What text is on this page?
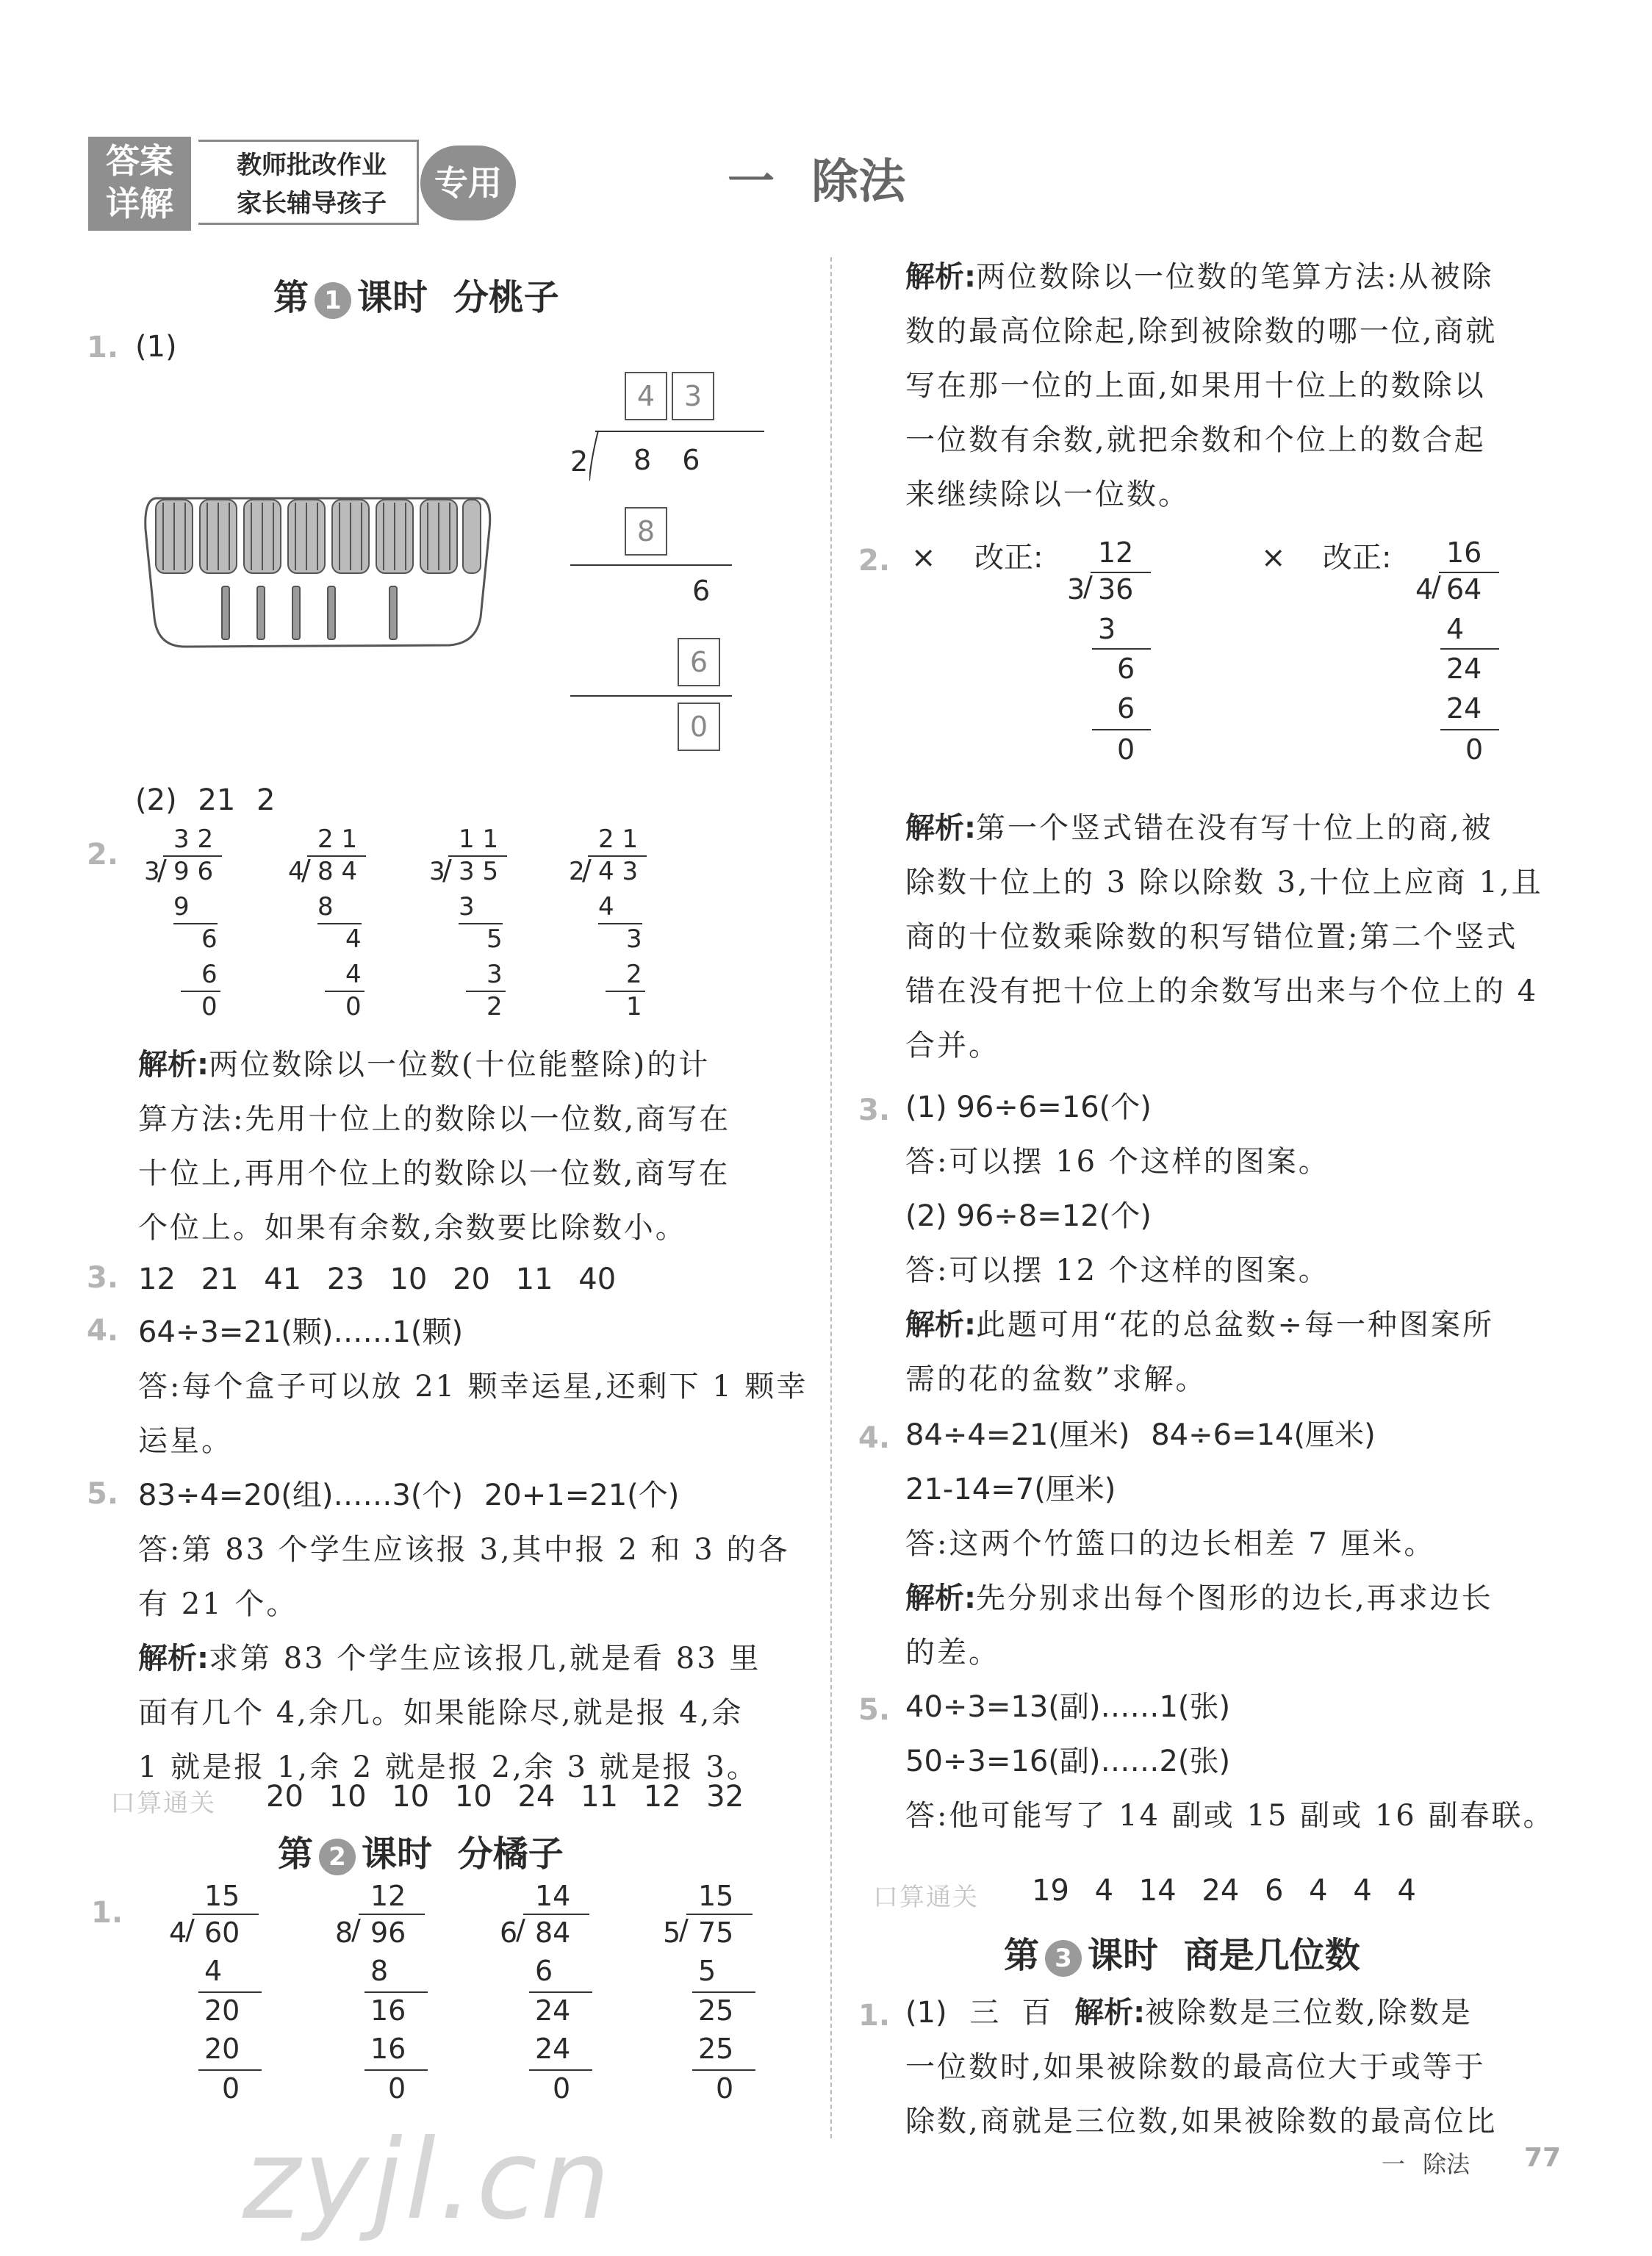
答案
详解
教师批改作业
家长辅导孩子
专用	一 除法
第 1 课时 分桃子
1. (1)
4	3
2 8 6
8
6
6
0
(2) 21 2
2. 3 2
3
/ 9 6
9
6
6
0
2 1
4
/ 8 4
8
4
4
0
1 1
3
/ 3 5
3
5
3
2
2 1
2
/ 4 3
4
3
2
1
解析:两位数除以一位数(十位能整除)的计
算方法:先用十位上的数除以一位数,商写在
十位上,再用个位上的数除以一位数,商写在
个位上。如果有余数,余数要比除数小。
3. 12 21 41 23 10 20 11 40
4. 64÷3=21(颗)……1(颗)
答:每个盒子可以放 21 颗幸运星,还剩下 1 颗幸
运星。
5. 83÷4=20(组)……3(个) 20+1=21(个)
答:第 83 个学生应该报 3,其中报 2 和 3 的各
有 21 个。
解析:求第 83 个学生应该报几,就是看 83 里
面有几个 4,余几。如果能除尽,就是报 4,余
1 就是报 1,余 2 就是报 2,余 3 就是报 3。
口算通关 20 10 10 10 24 11 12 32
第 2 课时 分橘子
1.	15
4
/ 60
4
20
20
0
12
8
/ 96
8
16
16
0
14
6
/ 84
6
24
24
0
15
5
/ 75
5
25
25
0
zyjl.cn
解析:两位数除以一位数的笔算方法:从被除
数的最高位除起,除到被除数的哪一位,商就
写在那一位的上面,如果用十位上的数除以
一位数有余数,就把余数和个位上的数合起
来继续除以一位数。
2. × 改正:	× 改正:
12
3
/ 36
3
6
6
0
16
4
/ 64
4
24
24
0
解析:第一个竖式错在没有写十位上的商,被
除数十位上的 3 除以除数 3,十位上应商 1,且
商的十位数乘除数的积写错位置;第二个竖式
错在没有把十位上的余数写出来与个位上的 4
合并。
3. (1) 96÷6=16(个)
答:可以摆 16 个这样的图案。
(2) 96÷8=12(个)
答:可以摆 12 个这样的图案。
解析:此题可用“花的总盆数÷每一种图案所
需的花的盆数”求解。
4. 84÷4=21(厘米) 84÷6=14(厘米)
21-14=7(厘米)
答:这两个竹篮口的边长相差 7 厘米。
解析:先分别求出每个图形的边长,再求边长
的差。
5. 40÷3=13(副)……1(张)
50÷3=16(副)……2(张)
答:他可能写了 14 副或 15 副或 16 副春联。
口算通关 19 4 14 24 6 4 4 4
第 3 课时 商是几位数
1. (1) 三 百 解析:被除数是三位数,除数是
一位数时,如果被除数的最高位大于或等于
除数,商就是三位数,如果被除数的最高位比
一 除法 77
